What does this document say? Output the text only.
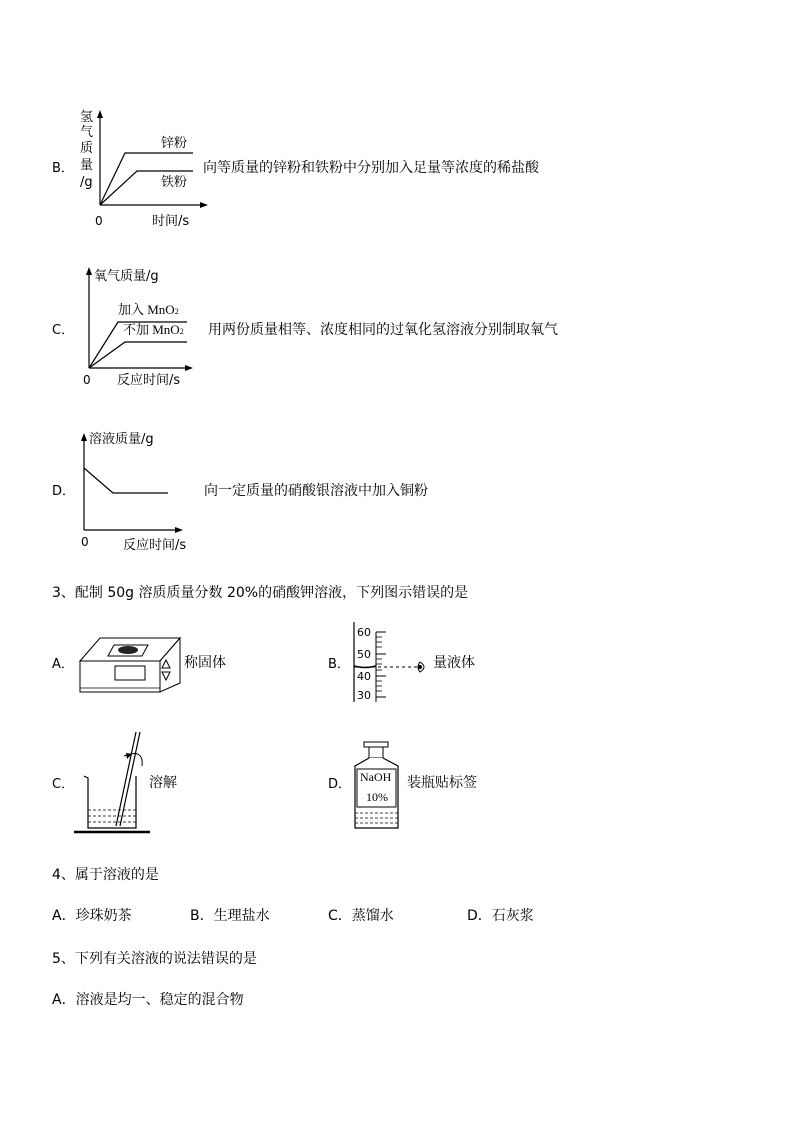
B．
氢
气
质
量
/g
0	时间/s
锌粉
铁粉
向等质量的锌粉和铁粉中分别加入足量等浓度的稀盐酸
C．
氧气质量/g
加入 MnO2
不加 MnO2
0 反应时间/s
用两份质量相等、浓度相同的过氧化氢溶液分别制取氧气
D．
溶液质量/g
0	反应时间/s
向一定质量的硝酸银溶液中加入铜粉
3、配制 50g 溶质质量分数 20%的硝酸钾溶液，下列图示错误的是
A．	称固体	B．
60
50
40
30
量液体
C．	溶解	D． NaOH
10%
装瓶贴标签
4、属于溶液的是
A．珍珠奶茶	B．生理盐水	C．蒸馏水	D．石灰浆
5、下列有关溶液的说法错误的是
A．溶液是均一、稳定的混合物
